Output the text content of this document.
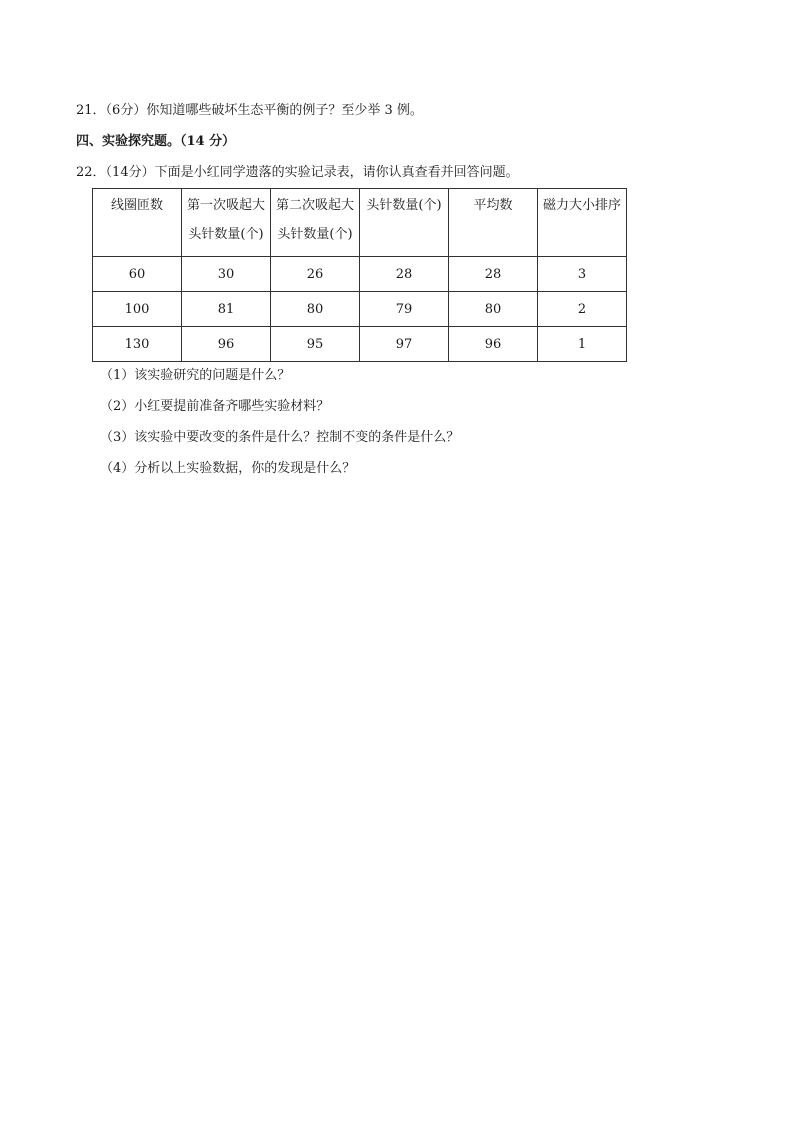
21．（6分）你知道哪些破坏生态平衡的例子？至少举 3 例。
四、实验探究题。（14 分）
22．（14分）下面是小红同学遗落的实验记录表，请你认真查看并回答问题。
线圈匝数	第一次吸起大头针数量(个)	第二次吸起大头针数量(个)	头针数量(个)	平均数	磁力大小排序
60	30	26	28	28	3
100	81	80	79	80	2
130	96	95	97	96	1
（1）该实验研究的问题是什么？
（2）小红要提前准备齐哪些实验材料？
（3）该实验中要改变的条件是什么？控制不变的条件是什么？
（4）分析以上实验数据，你的发现是什么？
